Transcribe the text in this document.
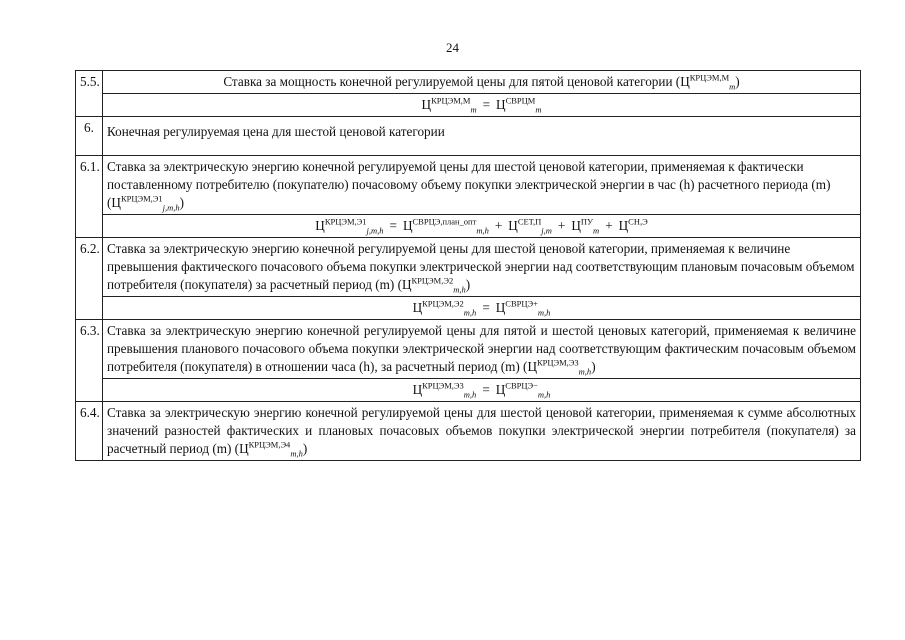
24
5.5.	Ставка за мощность конечной регулируемой цены для пятой ценовой категории $(Ц^{КРЦЭМ,М}_m)$
	$Ц^{КРЦЭМ,М}_m = Ц^{СВРЦМ}_m$
6.	Конечная регулируемая цена для шестой ценовой категории
6.1.	Ставка за электрическую энергию конечной регулируемой цены для шестой ценовой категории, применяемая к фактически поставленному потребителю (покупателю) почасовому объему покупки электрической энергии в час (h) расчетного периода (m) $(Ц^{КРЦЭМ,Э1}_{j,m,h})$
	$Ц^{КРЦЭМ,Э1}_{j,m,h} = Ц^{СВРЦЭ,план\_опт}_{m,h} + Ц^{СЕТ,П}_{j,m} + Ц^{ПУ}_m + Ц^{СН,Э}$
6.2.	Ставка за электрическую энергию конечной регулируемой цены для шестой ценовой категории, применяемая к величине превышения фактического почасового объема покупки электрической энергии над соответствующим плановым почасовым объемом потребителя (покупателя) за расчетный период (m) $(Ц^{КРЦЭМ,Э2}_{m,h})$
	$Ц^{КРЦЭМ,Э2}_{m,h} = Ц^{СВРЦЭ+}_{m,h}$
6.3.	Ставка за электрическую энергию конечной регулируемой цены для пятой и шестой ценовых категорий, применяемая к величине превышения планового почасового объема покупки электрической энергии над соответствующим фактическим почасовым объемом потребителя (покупателя) в отношении часа (h), за расчетный период (m) $(Ц^{КРЦЭМ,Э3}_{m,h})$
	$Ц^{КРЦЭМ,Э3}_{m,h} = Ц^{СВРЦЭ-}_{m,h}$
6.4.	Ставка за электрическую энергию конечной регулируемой цены для шестой ценовой категории, применяемая к сумме абсолютных значений разностей фактических и плановых почасовых объемов покупки электрической энергии потребителя (покупателя) за расчетный период (m) $(Ц^{КРЦЭМ,Э4}_{m,h})$
